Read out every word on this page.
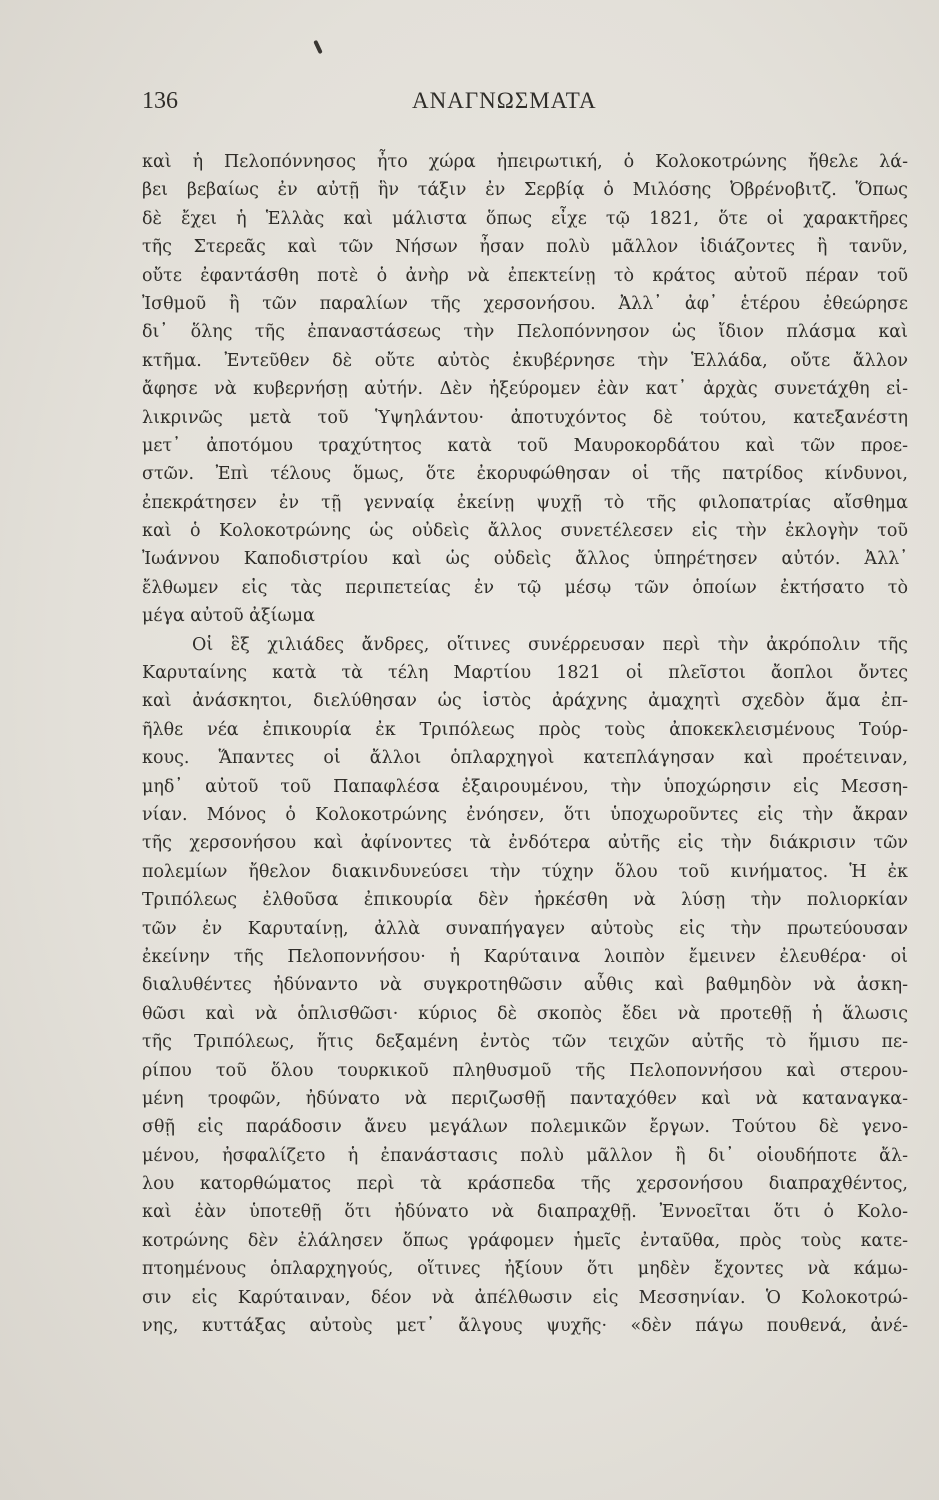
136	ΑΝΑΓΝΩΣΜΑΤΑ
καὶ ἡ Πελοπόννησος ἦτο χώρα ἠπειρωτική, ὁ Κολοκοτρώνης ἤθελε λά-
βει βεβαίως ἐν αὐτῇ ἣν τάξιν ἐν Σερβίᾳ ὁ Μιλόσης Ὀβρένοβιτζ. Ὅπως
δὲ ἔχει ἡ Ἑλλὰς καὶ μάλιστα ὅπως εἶχε τῷ 1821, ὅτε οἱ χαρακτῆρες
τῆς Στερεᾶς καὶ τῶν Νήσων ἦσαν πολὺ μᾶλλον ἰδιάζοντες ἢ τανῦν,
οὔτε ἐφαντάσθη ποτὲ ὁ ἀνὴρ νὰ ἐπεκτείνῃ τὸ κράτος αὐτοῦ πέραν τοῦ
Ἰσθμοῦ ἢ τῶν παραλίων τῆς χερσονήσου. Ἀλλ᾽ ἀφ᾽ ἑτέρου ἐθεώρησε
δι᾽ ὅλης τῆς ἐπαναστάσεως τὴν Πελοπόννησον ὡς ἴδιον πλάσμα καὶ
κτῆμα. Ἐντεῦθεν δὲ οὔτε αὐτὸς ἐκυβέρνησε τὴν Ἑλλάδα, οὔτε ἄλλον
ἄφησε νὰ κυβερνήσῃ αὐτήν. Δὲν ἠξεύρομεν ἐὰν κατ᾽ ἀρχὰς συνετάχθη εἰ-
λικρινῶς μετὰ τοῦ Ὑψηλάντου· ἀποτυχόντος δὲ τούτου, κατεξανέστη
μετ᾽ ἀποτόμου τραχύτητος κατὰ τοῦ Μαυροκορδάτου καὶ τῶν προε-
στῶν. Ἐπὶ τέλους ὅμως, ὅτε ἐκορυφώθησαν οἱ τῆς πατρίδος κίνδυνοι,
ἐπεκράτησεν ἐν τῇ γενναίᾳ ἐκείνῃ ψυχῇ τὸ τῆς φιλοπατρίας αἴσθημα
καὶ ὁ Κολοκοτρώνης ὡς οὐδεὶς ἄλλος συνετέλεσεν εἰς τὴν ἐκλογὴν τοῦ
Ἰωάννου Καποδιστρίου καὶ ὡς οὐδεὶς ἄλλος ὑπηρέτησεν αὐτόν. Ἀλλ᾽
ἔλθωμεν εἰς τὰς περιπετείας ἐν τῷ μέσῳ τῶν ὁποίων ἐκτήσατο τὸ
μέγα αὐτοῦ ἀξίωμα
Οἱ ἓξ χιλιάδες ἄνδρες, οἵτινες συνέρρευσαν περὶ τὴν ἀκρόπολιν τῆς
Καρυταίνης κατὰ τὰ τέλη Μαρτίου 1821 οἱ πλεῖστοι ἄοπλοι ὄντες
καὶ ἀνάσκητοι, διελύθησαν ὡς ἱστὸς ἀράχνης ἀμαχητὶ σχεδὸν ἅμα ἐπ-
ῆλθε νέα ἐπικουρία ἐκ Τριπόλεως πρὸς τοὺς ἀποκεκλεισμένους Τούρ-
κους. Ἅπαντες οἱ ἄλλοι ὁπλαρχηγοὶ κατεπλάγησαν καὶ προέτειναν,
μηδ᾽ αὐτοῦ τοῦ Παπαφλέσα ἐξαιρουμένου, τὴν ὑποχώρησιν εἰς Μεσση-
νίαν. Μόνος ὁ Κολοκοτρώνης ἐνόησεν, ὅτι ὑποχωροῦντες εἰς τὴν ἄκραν
τῆς χερσονήσου καὶ ἀφίνοντες τὰ ἐνδότερα αὐτῆς εἰς τὴν διάκρισιν τῶν
πολεμίων ἤθελον διακινδυνεύσει τὴν τύχην ὅλου τοῦ κινήματος. Ἡ ἐκ
Τριπόλεως ἐλθοῦσα ἐπικουρία δὲν ἠρκέσθη νὰ λύσῃ τὴν πολιορκίαν
τῶν ἐν Καρυταίνῃ, ἀλλὰ συναπήγαγεν αὐτοὺς εἰς τὴν πρωτεύουσαν
ἐκείνην τῆς Πελοποννήσου· ἡ Καρύταινα λοιπὸν ἔμεινεν ἐλευθέρα· οἱ
διαλυθέντες ἠδύναντο νὰ συγκροτηθῶσιν αὖθις καὶ βαθμηδὸν νὰ ἀσκη-
θῶσι καὶ νὰ ὁπλισθῶσι· κύριος δὲ σκοπὸς ἔδει νὰ προτεθῇ ἡ ἅλωσις
τῆς Τριπόλεως, ἥτις δεξαμένη ἐντὸς τῶν τειχῶν αὐτῆς τὸ ἥμισυ πε-
ρίπου τοῦ ὅλου τουρκικοῦ πληθυσμοῦ τῆς Πελοποννήσου καὶ στερου-
μένη τροφῶν, ἠδύνατο νὰ περιζωσθῇ πανταχόθεν καὶ νὰ καταναγκα-
σθῇ εἰς παράδοσιν ἄνευ μεγάλων πολεμικῶν ἔργων. Τούτου δὲ γενο-
μένου, ἠσφαλίζετο ἡ ἐπανάστασις πολὺ μᾶλλον ἢ δι᾽ οἱουδήποτε ἄλ-
λου κατορθώματος περὶ τὰ κράσπεδα τῆς χερσονήσου διαπραχθέντος,
καὶ ἐὰν ὑποτεθῇ ὅτι ἠδύνατο νὰ διαπραχθῇ. Ἐννοεῖται ὅτι ὁ Κολο-
κοτρώνης δὲν ἐλάλησεν ὅπως γράφομεν ἡμεῖς ἐνταῦθα, πρὸς τοὺς κατε-
πτοημένους ὁπλαρχηγούς, οἵτινες ἠξίουν ὅτι μηδὲν ἔχοντες νὰ κάμω-
σιν εἰς Καρύταιναν, δέον νὰ ἀπέλθωσιν εἰς Μεσσηνίαν. Ὁ Κολοκοτρώ-
νης, κυττάξας αὐτοὺς μετ᾽ ἄλγους ψυχῆς· «δὲν πάγω πουθενά, ἀνέ-
